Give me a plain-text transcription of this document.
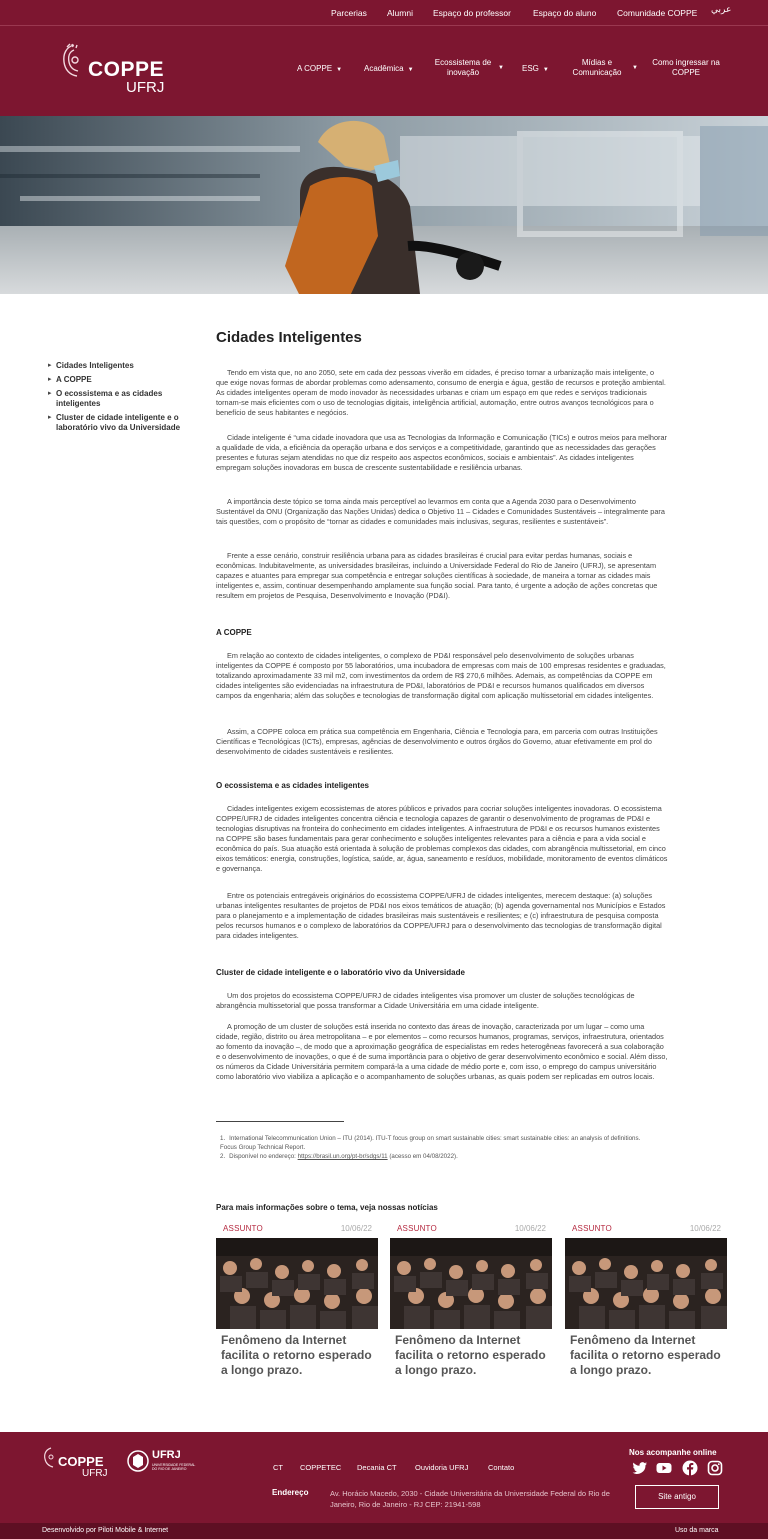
Parcerias Alumni Espaço do professor	Espaço do aluno Comunidade COPPE عربي
COPPE
UFRJ
A COPPE ▼	Acadêmica ▼
Ecossistema de inovação	▼ ESG ▼
Mídias e Comunicação ▼
Como ingressar na COPPE
▸ Cidades Inteligentes
▸ A COPPE
▸ O ecossistema e as cidades inteligentes
▸ Cluster de cidade inteligente e o laboratório vivo da Universidade
Cidades Inteligentes

Tendo em vista que, no ano 2050, sete em cada dez pessoas viverão em cidades, é preciso tornar a urbanização mais inteligente, o que exige novas formas de abordar problemas como adensamento, consumo de energia e água, gestão de recursos e proteção ambiental. As cidades inteligentes operam de modo inovador às necessidades urbanas e criam um espaço em que redes e serviços tradicionais tornam-se mais eficientes com o uso de tecnologias digitais, inteligência artificial, automação, entre outros avanços tecnológicos para o benefício de seus habitantes e negócios.

Cidade inteligente é “uma cidade inovadora que usa as Tecnologias da Informação e Comunicação (TICs) e outros meios para melhorar a qualidade de vida, a eficiência da operação urbana e dos serviços e a competitividade, garantindo que as necessidades das gerações presentes e futuras sejam atendidas no que diz respeito aos aspectos econômicos, sociais e ambientais”. As cidades inteligentes empregam soluções inovadoras em busca de crescente sustentabilidade e resiliência urbanas.

A importância deste tópico se torna ainda mais perceptível ao levarmos em conta que a Agenda 2030 para o Desenvolvimento Sustentável da ONU (Organização das Nações Unidas) dedica o Objetivo 11 – Cidades e Comunidades Sustentáveis – integralmente para tais questões, com o propósito de “tornar as cidades e comunidades mais inclusivas, seguras, resilientes e sustentáveis”.

Frente a esse cenário, construir resiliência urbana para as cidades brasileiras é crucial para evitar perdas humanas, sociais e econômicas. Indubitavelmente, as universidades brasileiras, incluindo a Universidade Federal do Rio de Janeiro (UFRJ), se apresentam capazes e atuantes para empregar sua competência e entregar soluções científicas à sociedade, de maneira a tornar as cidades mais inteligentes e, assim, continuar desempenhando amplamente sua função social. Para tanto, é urgente a adoção de ações concretas que resultem em projetos de Pesquisa, Desenvolvimento e Inovação (PD&I).

A COPPE

Em relação ao contexto de cidades inteligentes, o complexo de PD&I responsável pelo desenvolvimento de soluções urbanas inteligentes da COPPE é composto por 55 laboratórios, uma incubadora de empresas com mais de 100 empresas residentes e graduadas, totalizando aproximadamente 33 mil m2, com investimentos da ordem de R$ 270,6 milhões. Ademais, as competências da COPPE em cidades inteligentes são evidenciadas na infraestrutura de PD&I, laboratórios de PD&I e recursos humanos qualificados em diversos campos da engenharia; além das soluções e tecnologias de transformação digital com aplicação multissetorial em cidades inteligentes.

Assim, a COPPE coloca em prática sua competência em Engenharia, Ciência e Tecnologia para, em parceria com outras Instituições Científicas e Tecnológicas (ICTs), empresas, agências de desenvolvimento e outros órgãos do Governo, atuar efetivamente em prol do desenvolvimento de cidades sustentáveis e resilientes.

O ecossistema e as cidades inteligentes

Cidades inteligentes exigem ecossistemas de atores públicos e privados para cocriar soluções inteligentes inovadoras. O ecossistema COPPE/UFRJ de cidades inteligentes concentra ciência e tecnologia capazes de garantir o desenvolvimento de programas de PD&I e tecnologias disruptivas na fronteira do conhecimento em cidades inteligentes. A infraestrutura de PD&I e os recursos humanos existentes na COPPE são bases fundamentais para gerar conhecimento e soluções inteligentes relevantes para a ciência e para a vida social e econômica do país. Sua atuação está orientada à solução de problemas complexos das cidades, com abrangência multissetorial, em cinco eixos temáticos: energia, construções, logística, saúde, ar, água, saneamento e resíduos, mobilidade, monitoramento de eventos climáticos e governança.

Entre os potenciais entregáveis originários do ecossistema COPPE/UFRJ de cidades inteligentes, merecem destaque: (a) soluções urbanas inteligentes resultantes de projetos de PD&I nos eixos temáticos de atuação; (b) agenda governamental nos Municípios e Estados para o planejamento e a implementação de cidades brasileiras mais sustentáveis e resilientes; e (c) infraestrutura de pesquisa composta pelos recursos humanos e o complexo de laboratórios da COPPE/UFRJ para o desenvolvimento das tecnologias de transformação digital para cidades inteligentes.

Cluster de cidade inteligente e o laboratório vivo da Universidade

Um dos projetos do ecossistema COPPE/UFRJ de cidades inteligentes visa promover um cluster de soluções tecnológicas de abrangência multissetorial que possa transformar a Cidade Universitária em uma cidade inteligente.

A promoção de um cluster de soluções está inserida no contexto das áreas de inovação, caracterizada por um lugar – como uma cidade, região, distrito ou área metropolitana – e por elementos – como recursos humanos, programas, serviços, infraestrutura, orientados ao fomento da inovação –, de modo que a aproximação geográfica de especialistas em redes heterogêneas favorecerá a sua colaboração e o desenvolvimento de inovações, o que é de suma importância para o objetivo de gerar desenvolvimento econômico e social. Além disso, os números da Cidade Universitária permitem compará-la a uma cidade de médio porte e, com isso, o emprego do campus universitário como laboratório vivo viabiliza a aplicação e o acompanhamento de soluções urbanas, as quais podem ser replicadas em outros locais.

1. International Telecommunication Union – ITU (2014). ITU-T focus group on smart sustainable cities: smart sustainable cities: an analysis of definitions. Focus Group Technical Report.
2. Disponível no endereço: https://brasil.un.org/pt-br/sdgs/11 (acesso em 04/08/2022).
Para mais informações sobre o tema, veja nossas notícias
ASSUNTO	10/06/22
Fenômeno da Internet facilita o retorno esperado a longo prazo.
ASSUNTO	10/06/22
Fenômeno da Internet facilita o retorno esperado a longo prazo.
ASSUNTO	10/06/22
Fenômeno da Internet facilita o retorno esperado a longo prazo.
COPPE
UFRJ
UFRJ
UNIVERSIDADE FEDERAL
DO RIO DE JANEIRO	CT COPPETEC Decania CT Ouvidoria UFRJ	Contato
Endereço	Av. Horácio Macedo, 2030 - Cidade Universitária da Universidade Federal do Rio de Janeiro, Rio de Janeiro - RJ CEP: 21941-598
Nos acompanhe online
Site antigo
Desenvolvido por Piloti Mobile & Internet	Uso da marca
